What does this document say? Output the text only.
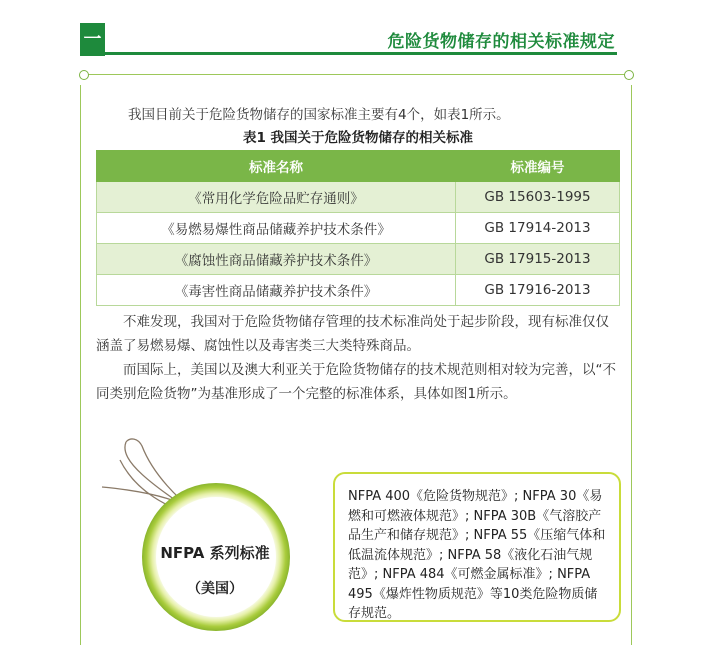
一	危险货物储存的相关标准规定
我国目前关于危险货物储存的国家标准主要有4个，如表1所示。
表1 我国关于危险货物储存的相关标准
标准名称	标准编号
《常用化学危险品贮存通则》	GB 15603-1995
《易燃易爆性商品储藏养护技术条件》	GB 17914-2013
《腐蚀性商品储藏养护技术条件》	GB 17915-2013
《毒害性商品储藏养护技术条件》	GB 17916-2013
不难发现，我国对于危险货物储存管理的技术标准尚处于起步阶段，现有标准仅仅涵盖了易燃易爆、腐蚀性以及毒害类三大类特殊商品。
而国际上，美国以及澳大利亚关于危险货物储存的技术规范则相对较为完善，以“不同类别危险货物”为基准形成了一个完整的标准体系，具体如图1所示。
NFPA 系列标准
（美国）
NFPA 400《危险货物规范》; NFPA 30《易燃和可燃液体规范》; NFPA 30B《气溶胶产品生产和储存规范》; NFPA 55《压缩气体和低温流体规范》; NFPA 58《液化石油气规范》; NFPA 484《可燃金属标准》; NFPA 495《爆炸性物质规范》等10类危险物质储存规范。
